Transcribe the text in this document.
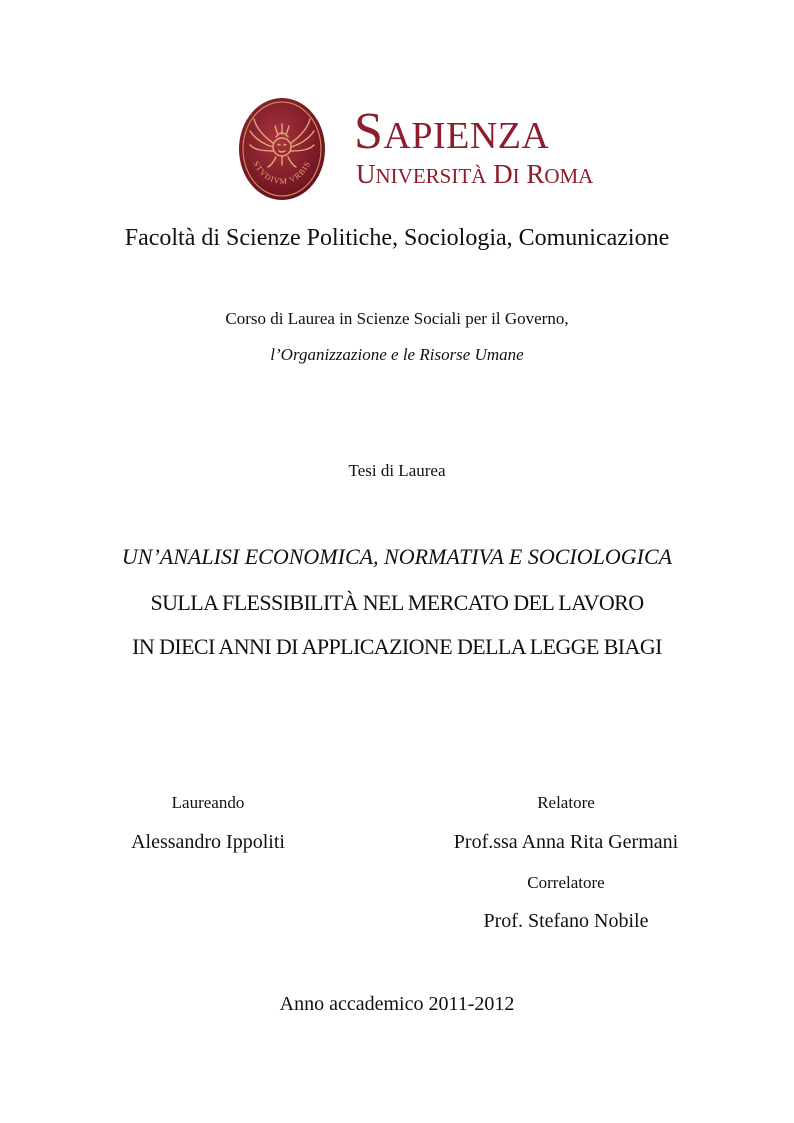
STVDIVM VRBIS
SAPIENZA
UNIVERSITÀ DI ROMA
Facoltà di Scienze Politiche, Sociologia, Comunicazione
Corso di Laurea in Scienze Sociali per il Governo,
l’Organizzazione e le Risorse Umane
Tesi di Laurea
UN’ANALISI ECONOMICA, NORMATIVA E SOCIOLOGICA
SULLA FLESSIBILITÀ NEL MERCATO DEL LAVORO
IN DIECI ANNI DI APPLICAZIONE DELLA LEGGE BIAGI
Laureando
Alessandro Ippoliti
Relatore
Prof.ssa Anna Rita Germani
Correlatore
Prof. Stefano Nobile
Anno accademico 2011-2012
